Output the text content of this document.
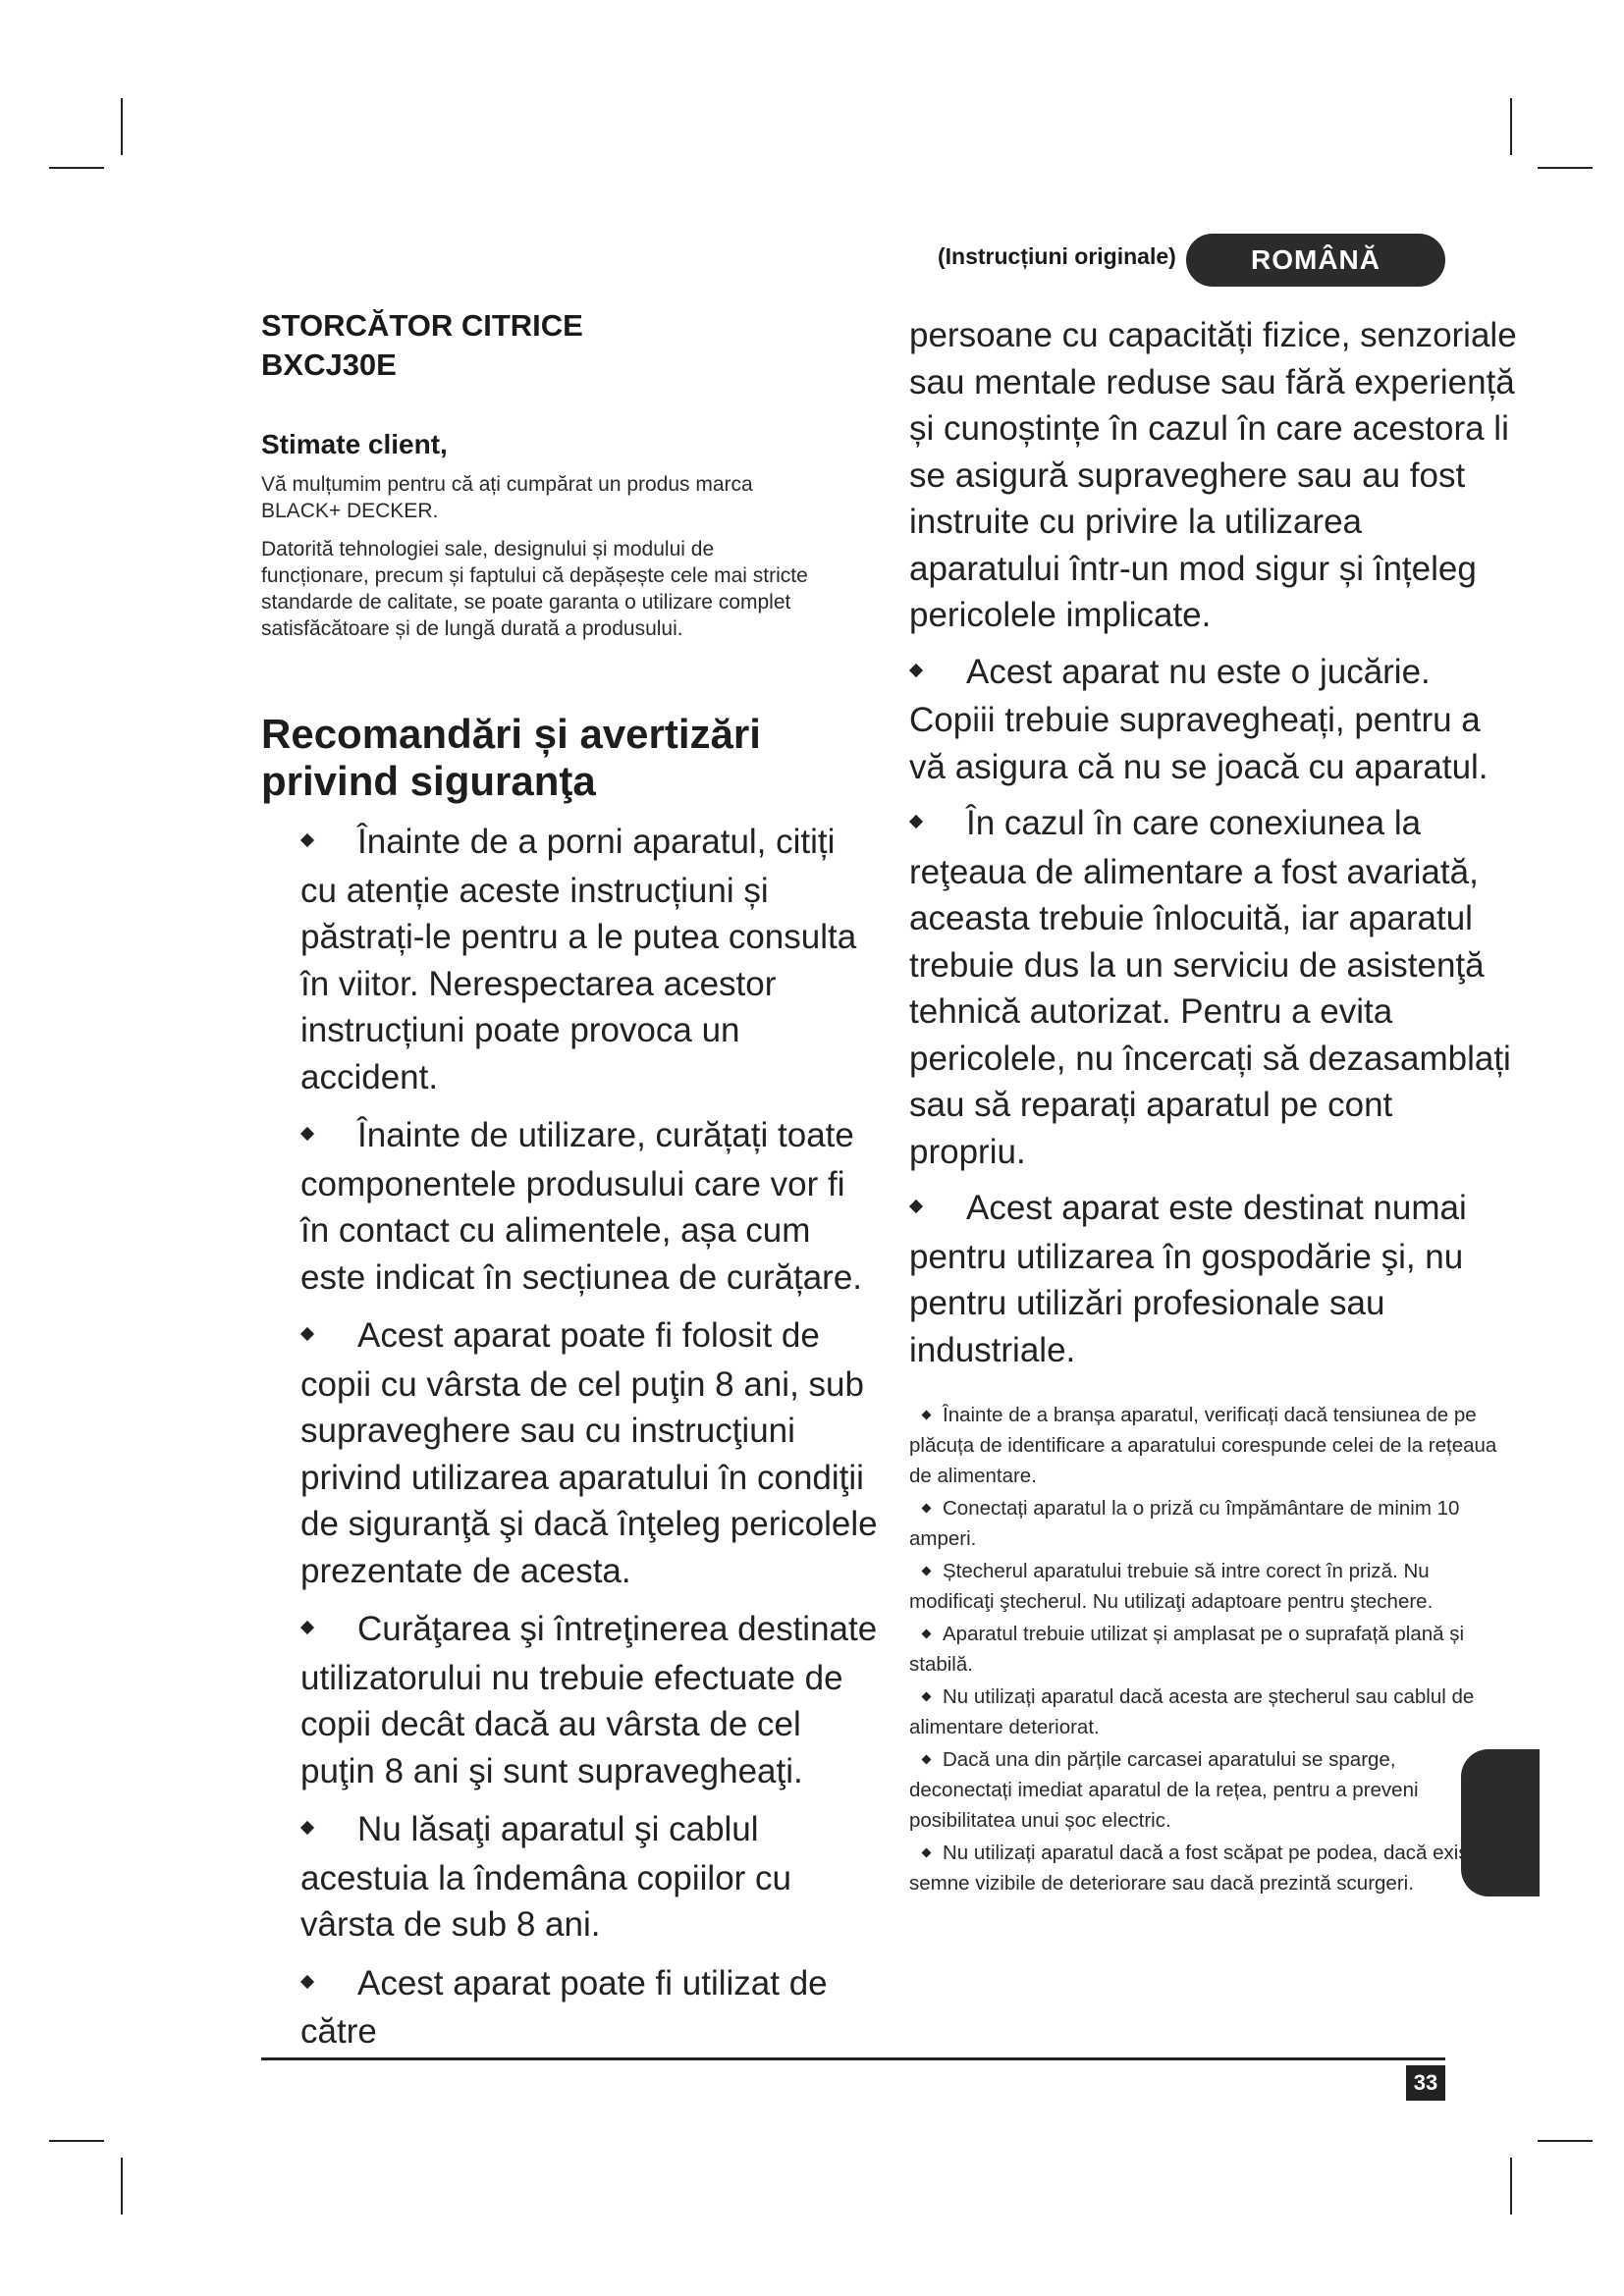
(Instrucțiuni originale)	ROMÂNĂ

STORCĂTOR CITRICE

BXCJ30E

Stimate client,

Vă mulțumim pentru că ați cumpărat un produs marca BLACK+ DECKER.

Datorită tehnologiei sale, designului și modului de funcționare, precum și faptului că depășește cele mai stricte standarde de calitate, se poate garanta o utilizare complet satisfăcătoare și de lungă durată a produsului.

Recomandări și avertizări privind siguranţa
Înainte de a porni aparatul, citiți cu atenție aceste instrucțiuni și păstrați-le pentru a le putea consulta în viitor. Nerespectarea acestor instrucțiuni poate provoca un accident.
Înainte de utilizare, curățați toate componentele produsului care vor fi în contact cu alimentele, așa cum este indicat în secțiunea de curățare.
Acest aparat poate fi folosit de copii cu vârsta de cel puţin 8 ani, sub supraveghere sau cu instrucţiuni privind utilizarea aparatului în condiţii de siguranţă şi dacă înţeleg pericolele prezentate de acesta.
Curăţarea şi întreţinerea destinate utilizatorului nu trebuie efectuate de copii decât dacă au vârsta de cel puţin 8 ani şi sunt supravegheaţi.
Nu lăsaţi aparatul şi cablul acestuia la îndemâna copiilor cu vârsta de sub 8 ani.
Acest aparat poate fi utilizat de către

persoane cu capacități fizice, senzoriale sau mentale reduse sau fără experiență și cunoștințe în cazul în care acestora li se asigură supraveghere sau au fost instruite cu privire la utilizarea aparatului într-un mod sigur și înțeleg pericolele implicate.

Acest aparat nu este o jucărie. Copiii trebuie supravegheați, pentru a vă asigura că nu se joacă cu aparatul.

În cazul în care conexiunea la reţeaua de alimentare a fost avariată, aceasta trebuie înlocuită, iar aparatul trebuie dus la un serviciu de asistenţă tehnică autorizat. Pentru a evita pericolele, nu încercați să dezasamblați sau să reparați aparatul pe cont propriu.

Acest aparat este destinat numai pentru utilizarea în gospodărie şi, nu pentru utilizări profesionale sau industriale.

Înainte de a branșa aparatul, verificați dacă tensiunea de pe plăcuța de identificare a aparatului corespunde celei de la rețeaua de alimentare.

Conectați aparatul la o priză cu împământare de minim 10 amperi.

Ștecherul aparatului trebuie să intre corect în priză. Nu modificaţi ştecherul. Nu utilizaţi adaptoare pentru ştechere.

Aparatul trebuie utilizat și amplasat pe o suprafață plană și stabilă.

Nu utilizați aparatul dacă acesta are ștecherul sau cablul de alimentare deteriorat.

Dacă una din părțile carcasei aparatului se sparge, deconectați imediat aparatul de la rețea, pentru a preveni posibilitatea unui șoc electric.

Nu utilizați aparatul dacă a fost scăpat pe podea, dacă există semne vizibile de deteriorare sau dacă prezintă scurgeri.

33
